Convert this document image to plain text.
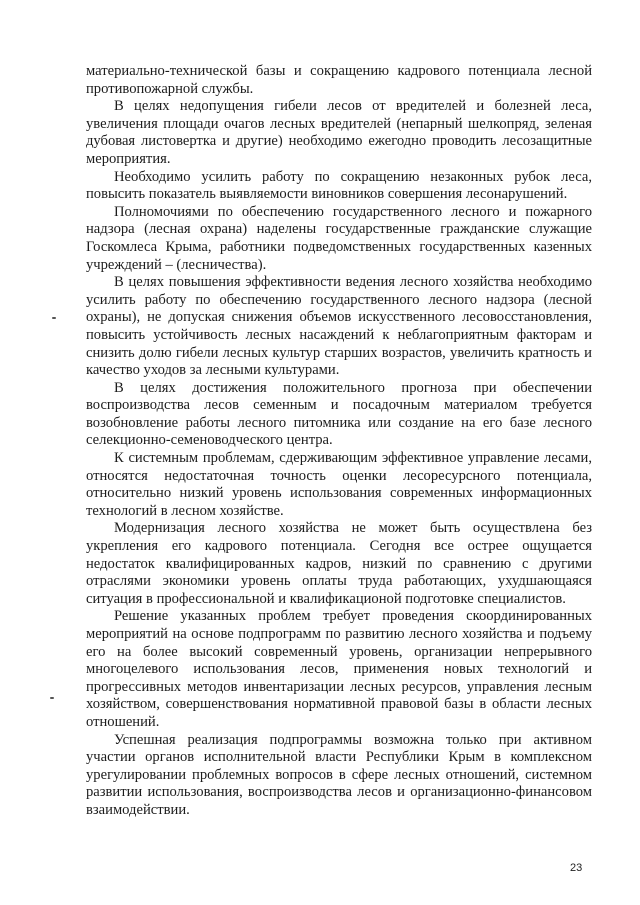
материально-технической базы и сокращению кадрового потенциала лесной противопожарной службы.

В целях недопущения гибели лесов от вредителей и болезней леса, увеличения площади очагов лесных вредителей (непарный шелкопряд, зеленая дубовая листовертка и другие) необходимо ежегодно проводить лесозащитные мероприятия.

Необходимо усилить работу по сокращению незаконных рубок леса, повысить показатель выявляемости виновников совершения лесонарушений.

Полномочиями по обеспечению государственного лесного и пожарного надзора (лесная охрана) наделены государственные гражданские служащие Госкомлеса Крыма, работники подведомственных государственных казенных учреждений – (лесничества).

В целях повышения эффективности ведения лесного хозяйства необходимо усилить работу по обеспечению государственного лесного надзора (лесной охраны), не допуская снижения объемов искусственного лесовосстановления, повысить устойчивость лесных насаждений к неблагоприятным факторам и снизить долю гибели лесных культур старших возрастов, увеличить кратность и качество уходов за лесными культурами.

В целях достижения положительного прогноза при обеспечении воспроизводства лесов семенным и посадочным материалом требуется возобновление работы лесного питомника или создание на его базе лесного селекционно-семеноводческого центра.

К системным проблемам, сдерживающим эффективное управление лесами, относятся недостаточная точность оценки лесоресурсного потенциала, относительно низкий уровень использования современных информационных технологий в лесном хозяйстве.

Модернизация лесного хозяйства не может быть осуществлена без укрепления его кадрового потенциала. Сегодня все острее ощущается недостаток квалифицированных кадров, низкий по сравнению с другими отраслями экономики уровень оплаты труда работающих, ухудшающаяся ситуация в профессиональной и квалификационой подготовке специалистов.

Решение указанных проблем требует проведения скоординированных мероприятий на основе подпрограмм по развитию лесного хозяйства и подъему его на более высокий современный уровень, организации непрерывного многоцелевого использования лесов, применения новых технологий и прогрессивных методов инвентаризации лесных ресурсов, управления лесным хозяйством, совершенствования нормативной правовой базы в области лесных отношений.

Успешная реализация подпрограммы возможна только при активном участии органов исполнительной власти Республики Крым в комплексном урегулировании проблемных вопросов в сфере лесных отношений, системном развитии использования, воспроизводства лесов и организационно-финансовом взаимодействии.

23
